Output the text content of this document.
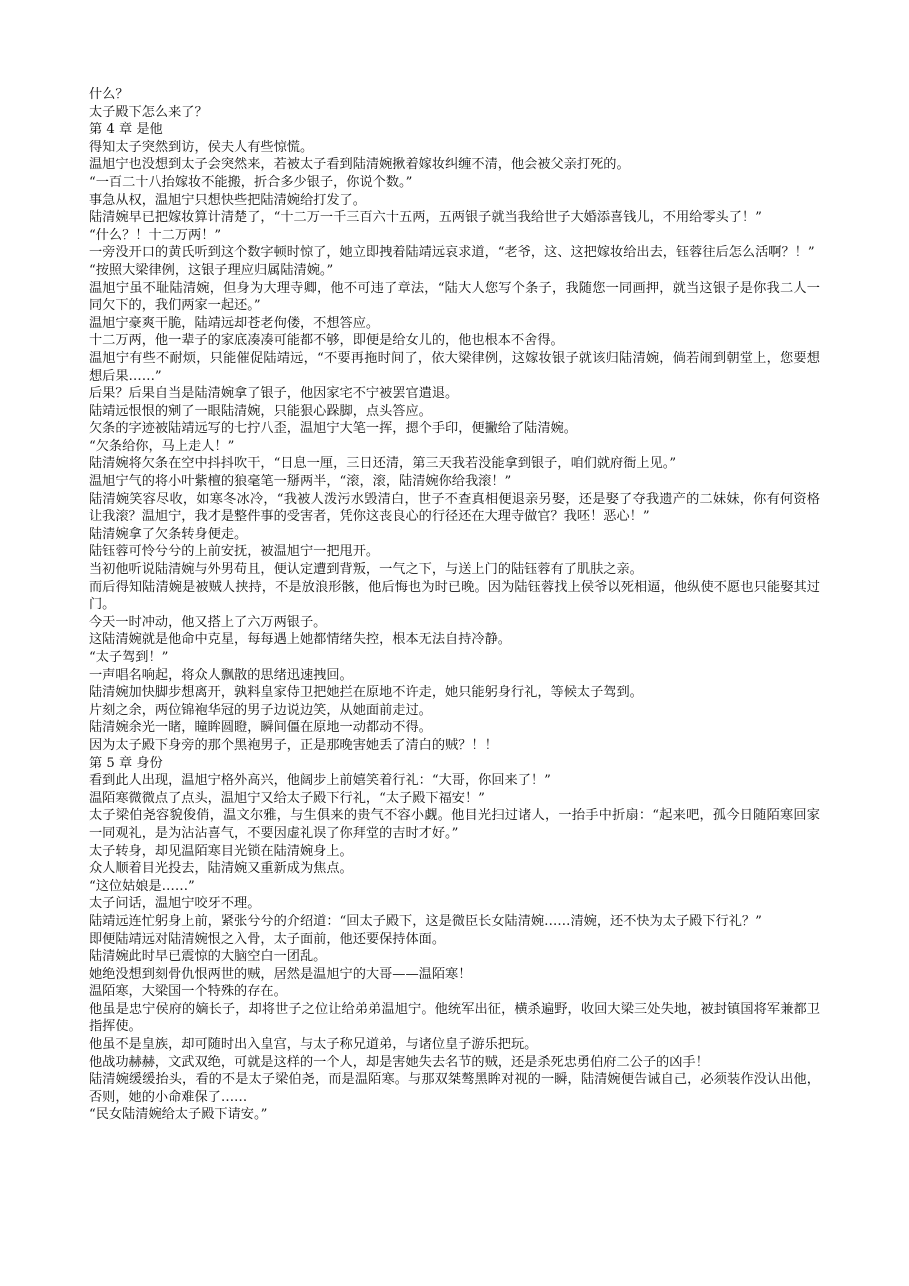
什么？

太子殿下怎么来了？

第 4 章 是他

得知太子突然到访，侯夫人有些惊慌。

温旭宁也没想到太子会突然来，若被太子看到陆清婉揪着嫁妆纠缠不清，他会被父亲打死的。

“一百二十八抬嫁妆不能搬，折合多少银子，你说个数。”

事急从权，温旭宁只想快些把陆清婉给打发了。

陆清婉早已把嫁妆算计清楚了，“十二万一千三百六十五两，五两银子就当我给世子大婚添喜钱儿，不用给零头了！”

“什么？！十二万两！”

一旁没开口的黄氏听到这个数字顿时惊了，她立即拽着陆靖远哀求道，“老爷，这、这把嫁妆给出去，钰蓉往后怎么活啊？！”

“按照大梁律例，这银子理应归属陆清婉。”

温旭宁虽不耻陆清婉，但身为大理寺卿，他不可违了章法，“陆大人您写个条子，我随您一同画押，就当这银子是你我二人一同欠下的，我们两家一起还。”

温旭宁豪爽干脆，陆靖远却苍老佝偻，不想答应。

十二万两，他一辈子的家底凑凑可能都不够，即便是给女儿的，他也根本不舍得。

温旭宁有些不耐烦，只能催促陆靖远，“不要再拖时间了，依大梁律例，这嫁妆银子就该归陆清婉，倘若闹到朝堂上，您要想想后果……”

后果？后果自当是陆清婉拿了银子，他因家宅不宁被罢官遣退。

陆靖远恨恨的剜了一眼陆清婉，只能狠心跺脚，点头答应。

欠条的字迹被陆靖远写的七拧八歪，温旭宁大笔一挥，摁个手印，便撇给了陆清婉。

“欠条给你，马上走人！”

陆清婉将欠条在空中抖抖吹干，“日息一厘，三日还清，第三天我若没能拿到银子，咱们就府衙上见。”

温旭宁气的将小叶紫檀的狼毫笔一掰两半，“滚，滚，陆清婉你给我滚！”

陆清婉笑容尽收，如寒冬冰冷，“我被人泼污水毁清白，世子不查真相便退亲另娶，还是娶了夺我遗产的二妹妹，你有何资格让我滚？温旭宁，我才是整件事的受害者，凭你这丧良心的行径还在大理寺做官？我呸！恶心！”

陆清婉拿了欠条转身便走。

陆钰蓉可怜兮兮的上前安抚，被温旭宁一把甩开。

当初他听说陆清婉与外男苟且，便认定遭到背叛，一气之下，与送上门的陆钰蓉有了肌肤之亲。

而后得知陆清婉是被贼人挟持，不是放浪形骸，他后悔也为时已晚。因为陆钰蓉找上侯爷以死相逼，他纵使不愿也只能娶其过门。

今天一时冲动，他又搭上了六万两银子。

这陆清婉就是他命中克星，每每遇上她都情绪失控，根本无法自持冷静。

“太子驾到！”

一声唱名响起，将众人飘散的思绪迅速拽回。

陆清婉加快脚步想离开，孰料皇家侍卫把她拦在原地不许走，她只能躬身行礼，等候太子驾到。

片刻之余，两位锦袍华冠的男子边说边笑，从她面前走过。

陆清婉余光一睹，瞳眸圆瞪，瞬间僵在原地一动都动不得。

因为太子殿下身旁的那个黑袍男子，正是那晚害她丢了清白的贼？！！

第 5 章 身份

看到此人出现，温旭宁格外高兴，他阔步上前嬉笑着行礼：“大哥，你回来了！”

温陌寒微微点了点头，温旭宁又给太子殿下行礼，“太子殿下福安！”

太子梁伯尧容貌俊俏，温文尔雅，与生俱来的贵气不容小觑。他目光扫过诸人，一抬手中折扇：“起来吧，孤今日随陌寒回家一同观礼，是为沾沾喜气，不要因虚礼误了你拜堂的吉时才好。”

太子转身，却见温陌寒目光锁在陆清婉身上。

众人顺着目光投去，陆清婉又重新成为焦点。

“这位姑娘是……”

太子问话，温旭宁咬牙不理。

陆靖远连忙躬身上前，紧张兮兮的介绍道：“回太子殿下，这是微臣长女陆清婉……清婉，还不快为太子殿下行礼？”

即便陆靖远对陆清婉恨之入骨，太子面前，他还要保持体面。

陆清婉此时早已震惊的大脑空白一团乱。

她绝没想到刻骨仇恨两世的贼，居然是温旭宁的大哥——温陌寒！

温陌寒，大梁国一个特殊的存在。

他虽是忠宁侯府的嫡长子，却将世子之位让给弟弟温旭宁。他统军出征，横杀遍野，收回大梁三处失地，被封镇国将军兼都卫指挥使。

他虽不是皇族，却可随时出入皇宫，与太子称兄道弟，与诸位皇子游乐把玩。

他战功赫赫，文武双绝，可就是这样的一个人，却是害她失去名节的贼，还是杀死忠勇伯府二公子的凶手！

陆清婉缓缓抬头，看的不是太子梁伯尧，而是温陌寒。与那双桀骜黑眸对视的一瞬，陆清婉便告诫自己，必须装作没认出他，否则，她的小命难保了……

“民女陆清婉给太子殿下请安。”
